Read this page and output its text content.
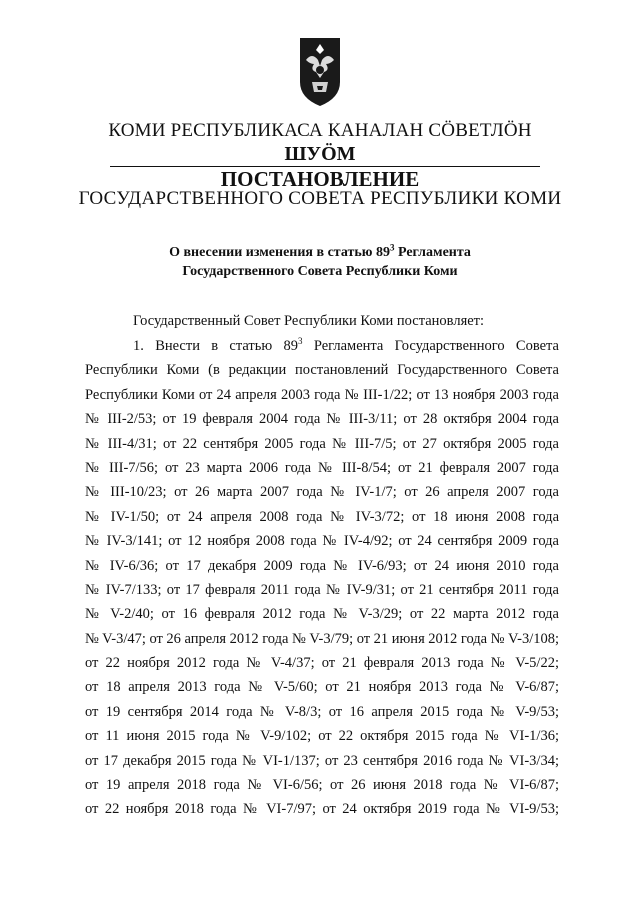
КОМИ РЕСПУБЛИКАСА КАНАЛАН СÖВЕТЛÖН
ШУÖМ
ПОСТАНОВЛЕНИЕ
ГОСУДАРСТВЕННОГО СОВЕТА РЕСПУБЛИКИ КОМИ
О внесении изменения в статью $89^3$ Регламента
Государственного Совета Республики Коми
Государственный Совет Республики Коми постановляет:
1. Внести в статью $89^3$ Регламента Государственного Совета
Республики Коми (в редакции постановлений Государственного Совета
Республики Коми от 24 апреля 2003 года № III-1/22; от 13 ноября 2003 года
№ III-2/53; от 19 февраля 2004 года № III-3/11; от 28 октября 2004 года
№ III-4/31; от 22 сентября 2005 года № III-7/5; от 27 октября 2005 года
№ III-7/56; от 23 марта 2006 года № III-8/54; от 21 февраля 2007 года
№ III-10/23; от 26 марта 2007 года № IV-1/7; от 26 апреля 2007 года
№ IV-1/50; от 24 апреля 2008 года № IV-3/72; от 18 июня 2008 года
№ IV-3/141; от 12 ноября 2008 года № IV-4/92; от 24 сентября 2009 года
№ IV-6/36; от 17 декабря 2009 года № IV-6/93; от 24 июня 2010 года
№ IV-7/133; от 17 февраля 2011 года № IV-9/31; от 21 сентября 2011 года
№ V-2/40; от 16 февраля 2012 года № V-3/29; от 22 марта 2012 года
№ V-3/47; от 26 апреля 2012 года № V-3/79; от 21 июня 2012 года № V-3/108;
от 22 ноября 2012 года № V-4/37; от 21 февраля 2013 года № V-5/22;
от 18 апреля 2013 года № V-5/60; от 21 ноября 2013 года № V-6/87;
от 19 сентября 2014 года № V-8/3; от 16 апреля 2015 года № V-9/53;
от 11 июня 2015 года № V-9/102; от 22 октября 2015 года № VI-1/36;
от 17 декабря 2015 года № VI-1/137; от 23 сентября 2016 года № VI-3/34;
от 19 апреля 2018 года № VI-6/56; от 26 июня 2018 года № VI-6/87;
от 22 ноября 2018 года № VI-7/97; от 24 октября 2019 года № VI-9/53;
